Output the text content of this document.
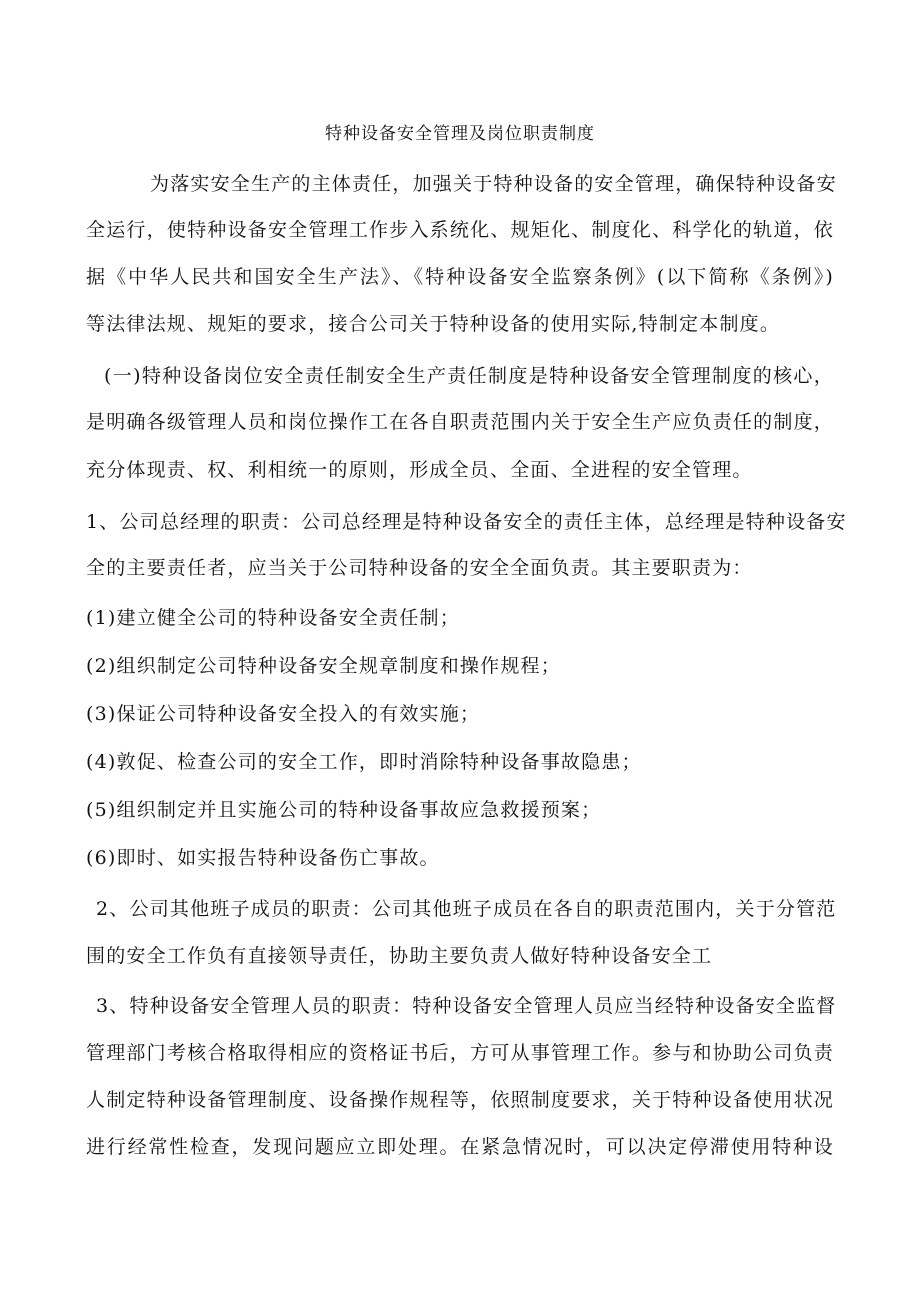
特种设备安全管理及岗位职责制度
为落实安全生产的主体责任，加强关于特种设备的安全管理，确保特种设备安
全运行，使特种设备安全管理工作步入系统化、规矩化、制度化、科学化的轨道，依
据《中华人民共和国安全生产法》、《特种设备安全监察条例》(以下简称《条例》)
等法律法规、规矩的要求，接合公司关于特种设备的使用实际,特制定本制度。
(一)特种设备岗位安全责任制安全生产责任制度是特种设备安全管理制度的核心，
是明确各级管理人员和岗位操作工在各自职责范围内关于安全生产应负责任的制度，
充分体现责、权、利相统一的原则，形成全员、全面、全进程的安全管理。
1、公司总经理的职责：公司总经理是特种设备安全的责任主体，总经理是特种设备安
全的主要责任者，应当关于公司特种设备的安全全面负责。其主要职责为：
(1)建立健全公司的特种设备安全责任制；
(2)组织制定公司特种设备安全规章制度和操作规程；
(3)保证公司特种设备安全投入的有效实施；
(4)敦促、检查公司的安全工作，即时消除特种设备事故隐患；
(5)组织制定并且实施公司的特种设备事故应急救援预案；
(6)即时、如实报告特种设备伤亡事故。
2、公司其他班子成员的职责：公司其他班子成员在各自的职责范围内，关于分管范
围的安全工作负有直接领导责任，协助主要负责人做好特种设备安全工
3、特种设备安全管理人员的职责：特种设备安全管理人员应当经特种设备安全监督
管理部门考核合格取得相应的资格证书后，方可从事管理工作。参与和协助公司负责
人制定特种设备管理制度、设备操作规程等，依照制度要求，关于特种设备使用状况
进行经常性检查，发现问题应立即处理。在紧急情况时，可以决定停滞使用特种设
